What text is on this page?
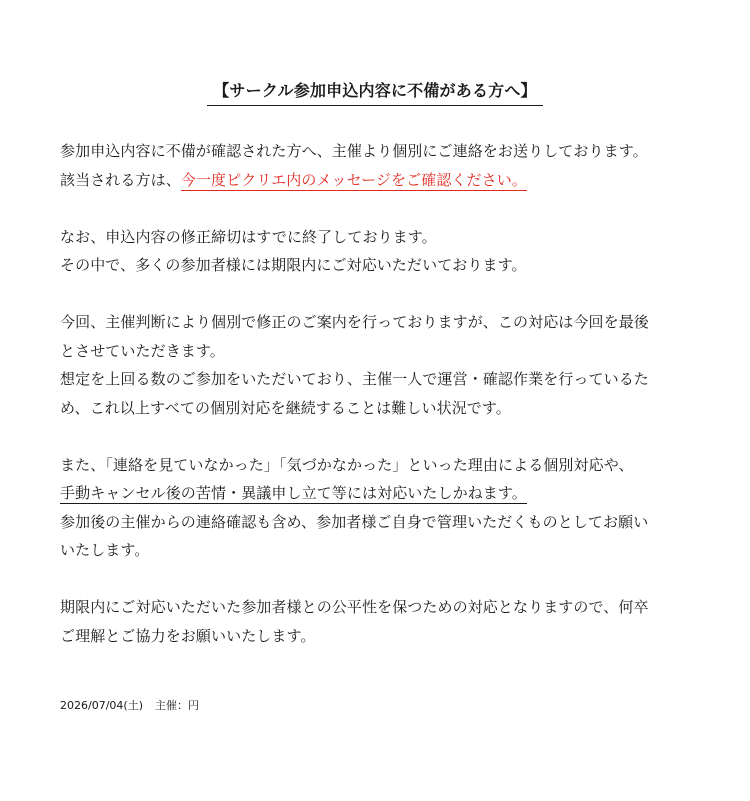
【サークル参加申込内容に不備がある方へ】
参加申込内容に不備が確認された方へ、主催より個別にご連絡をお送りしております。
該当される方は、今一度ピクリエ内のメッセージをご確認ください。
なお、申込内容の修正締切はすでに終了しております。
その中で、多くの参加者様には期限内にご対応いただいております。
今回、主催判断により個別で修正のご案内を行っておりますが、この対応は今回を最後
とさせていただきます。
想定を上回る数のご参加をいただいており、主催一人で運営・確認作業を行っているた
め、これ以上すべての個別対応を継続することは難しい状況です。
また、「連絡を見ていなかった」「気づかなかった」といった理由による個別対応や、
手動キャンセル後の苦情・異議申し立て等には対応いたしかねます。
参加後の主催からの連絡確認も含め、参加者様ご自身で管理いただくものとしてお願い
いたします。
期限内にご対応いただいた参加者様との公平性を保つための対応となりますので、何卒
ご理解とご協力をお願いいたします。
2026/07/04(土) 主催：円
